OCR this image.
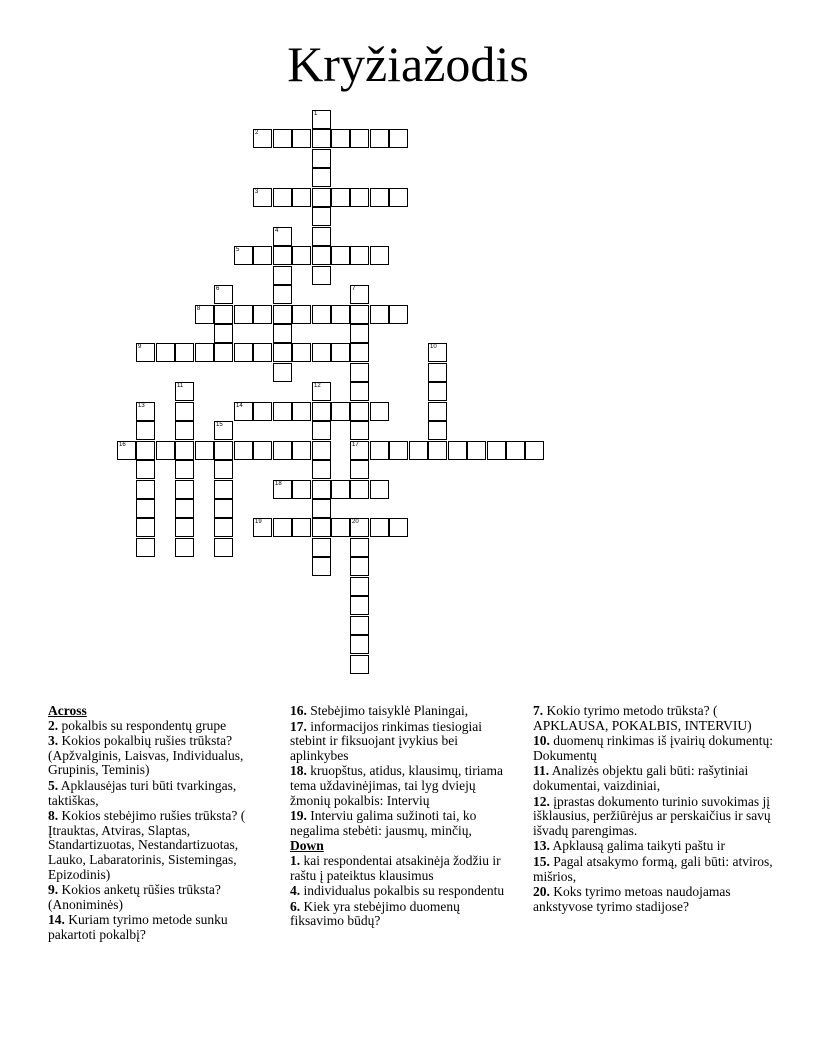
Kryžiažodis
1
2
3
4
5
6	7
17
8
9	10
11	12
13	14
15
16
18
19	20
Across
2. pokalbis su respondentų grupe
3. Kokios pokalbių rušies trūksta? (Apžvalginis, Laisvas, Individualus, Grupinis, Teminis)
5. Apklausėjas turi būti tvarkingas, taktiškas,
8. Kokios stebėjimo rušies trūksta? ( Įtrauktas, Atviras, Slaptas, Standartizuotas, Nestandartizuotas, Lauko, Labaratorinis, Sistemingas, Epizodinis)
9. Kokios anketų rūšies trūksta? (Anoniminės)
14. Kuriam tyrimo metode sunku pakartoti pokalbį?
16. Stebėjimo taisyklė Planingai,
17. informacijos rinkimas tiesiogiai stebint ir fiksuojant įvykius bei aplinkybes
18. kruopštus, atidus, klausimų, tiriama tema uždavinėjimas, tai lyg dviejų žmonių pokalbis: Intervių
19. Interviu galima sužinoti tai, ko negalima stebėti: jausmų, minčių,
Down
1. kai respondentai atsakinėja žodžiu ir raštu į pateiktus klausimus
4. individualus pokalbis su respondentu
6. Kiek yra stebėjimo duomenų fiksavimo būdų?
7. Kokio tyrimo metodo trūksta? ( APKLAUSA, POKALBIS, INTERVIU)
10. duomenų rinkimas iš įvairių dokumentų: Dokumentų
11. Analizės objektu gali būti: rašytiniai dokumentai, vaizdiniai,
12. įprastas dokumento turinio suvokimas jį išklausius, peržiūrėjus ar perskaičius ir savų išvadų parengimas.
13. Apklausą galima taikyti paštu ir
15. Pagal atsakymo formą, gali būti: atviros, mišrios,
20. Koks tyrimo metoas naudojamas ankstyvose tyrimo stadijose?
